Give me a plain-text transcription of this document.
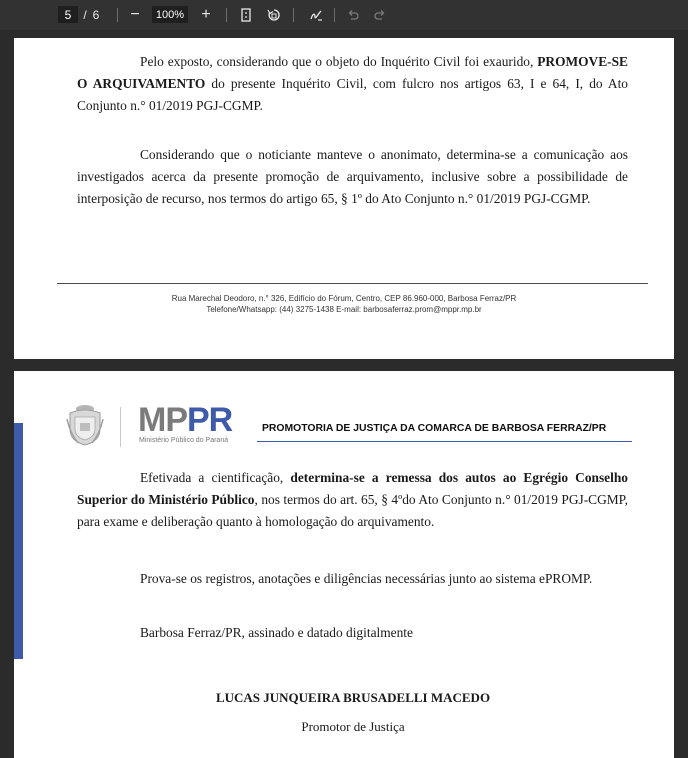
5 / 6	−	100%	+
Pelo exposto, considerando que o objeto do Inquérito Civil foi exaurido, PROMOVE-SE O ARQUIVAMENTO do presente Inquérito Civil, com fulcro nos artigos 63, I e 64, I, do Ato Conjunto n.° 01/2019 PGJ-CGMP.
Considerando que o noticiante manteve o anonimato, determina-se a comunicação aos investigados acerca da presente promoção de arquivamento, inclusive sobre a possibilidade de interposição de recurso, nos termos do artigo 65, § 1º do Ato Conjunto n.° 01/2019 PGJ-CGMP.
Rua Marechal Deodoro, n.° 326, Edifício do Fórum, Centro, CEP 86.960-000, Barbosa Ferraz/PR
Telefone/Whatsapp: (44) 3275-1438 E-mail: barbosaferraz.prom@mppr.mp.br
MPPR
Ministério Público do Paraná
PROMOTORIA DE JUSTIÇA DA COMARCA DE BARBOSA FERRAZ/PR
Efetivada a cientificação, determina-se a remessa dos autos ao Egrégio Conselho Superior do Ministério Público, nos termos do art. 65, § 4ºdo Ato Conjunto n.° 01/2019 PGJ-CGMP, para exame e deliberação quanto à homologação do arquivamento.
Prova-se os registros, anotações e diligências necessárias junto ao sistema ePROMP.
Barbosa Ferraz/PR, assinado e datado digitalmente
LUCAS JUNQUEIRA BRUSADELLI MACEDO
Promotor de Justiça
